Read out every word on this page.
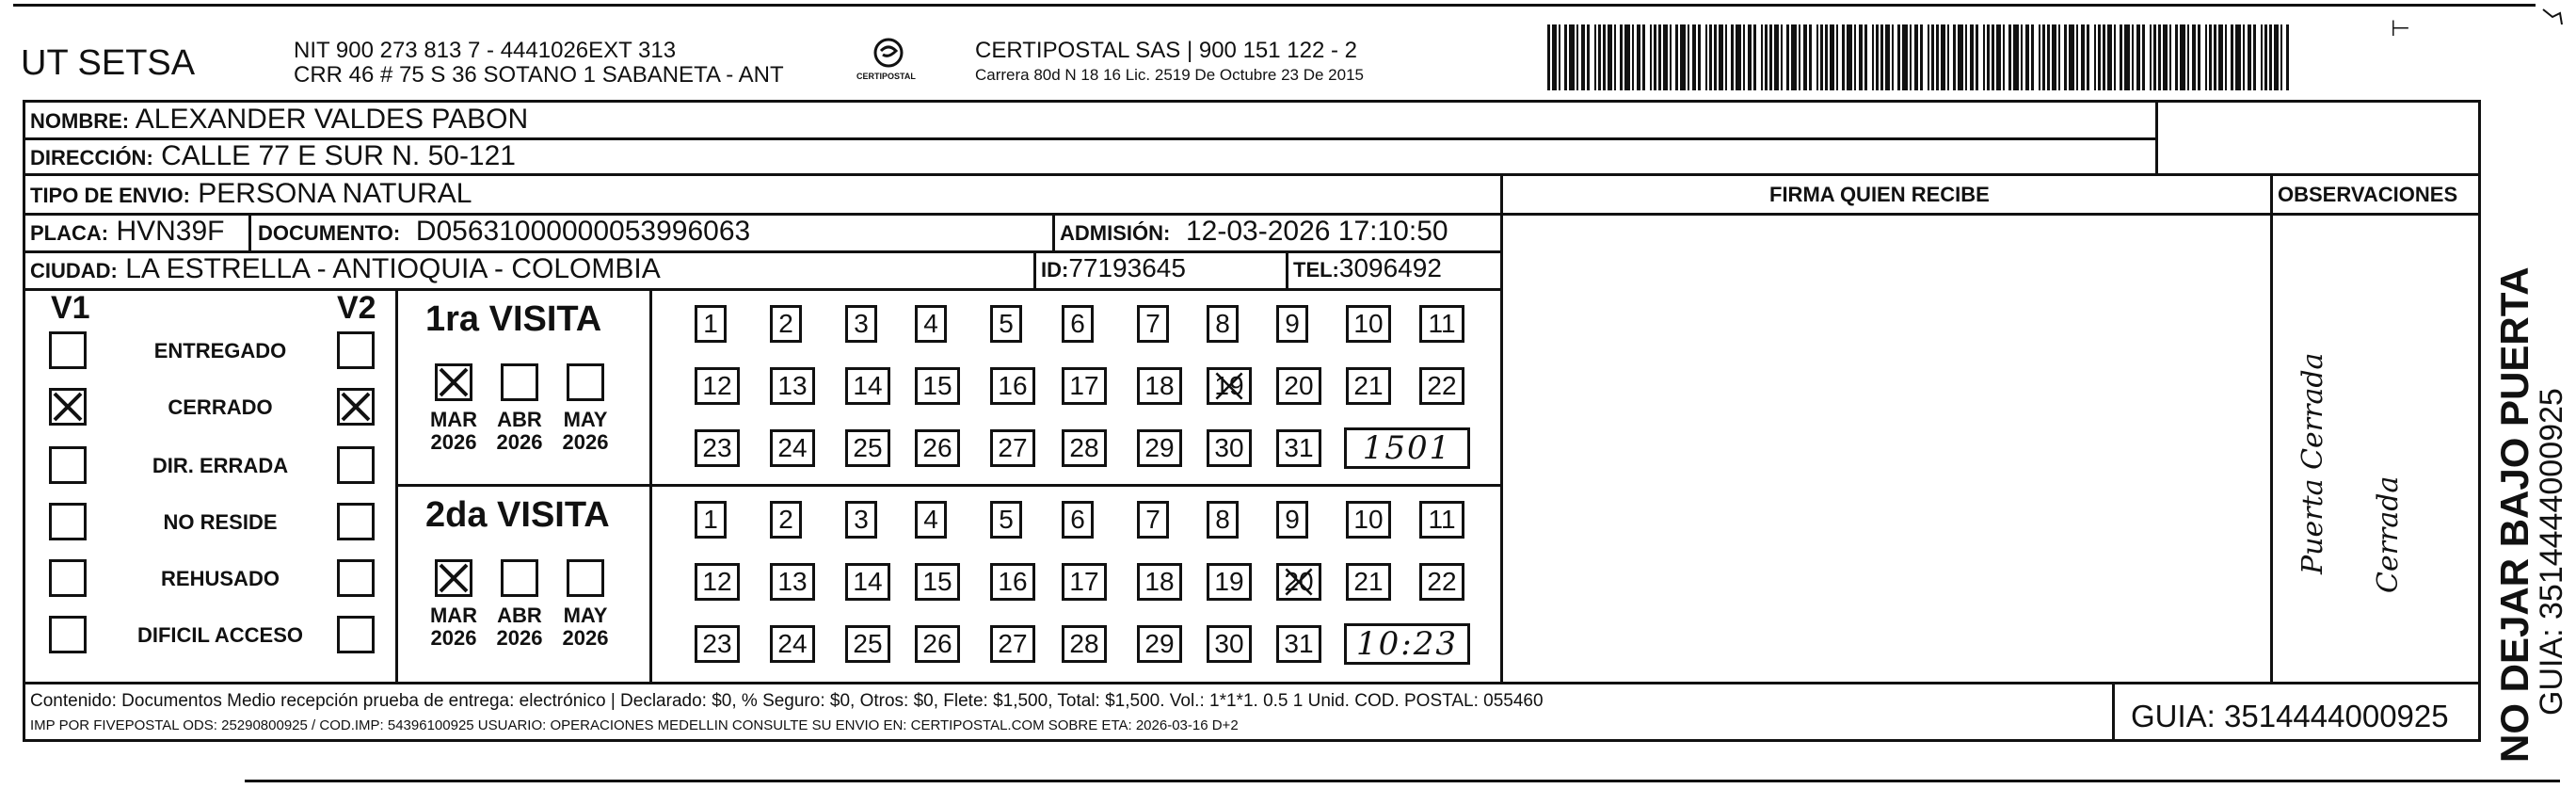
UT SETSA	NIT 900 273 813 7 - 4441026EXT 313
CRR 46 # 75 S 36 SOTANO 1 SABANETA - ANT	CERTIPOSTAL
CERTIPOSTAL SAS | 900 151 122 - 2
Carrera 80d N 18 16 Lic. 2519 De Octubre 23 De 2015
⊢
NOMBRE: ALEXANDER VALDES PABON
DIRECCIÓN: CALLE 77 E SUR N. 50-121
TIPO DE ENVIO: PERSONA NATURAL
PLACA: HVN39F DOCUMENTO: D05631000000053996063	ADMISIÓN: 12-03-2026 17:10:50
CIUDAD: LA ESTRELLA - ANTIOQUIA - COLOMBIA	ID:77193645	TEL:3096492
FIRMA QUIEN RECIBE	OBSERVACIONES
Puerta Cerrada Cerrada
V1	V2
ENTREGADO
CERRADO
DIR. ERRADA
NO RESIDE
REHUSADO
DIFICIL ACCESO
1ra VISITA
MAR
2026
ABR
2026
MAY
2026
1	2	3	4	5	6	7	8	9	10	11
12	13	14	15	16	17	18	19	20	21	22
23	24	25	26	27	28	29	30	31	1501
2da VISITA
MAR
2026
ABR
2026
MAY
2026
1	2	3	4	5	6	7	8	9	10	11
12	13	14	15	16	17	18	19	20	21	22
23	24	25	26	27	28	29	30	31	10:23
Contenido: Documentos Medio recepción prueba de entrega: electrónico | Declarado: $0, % Seguro: $0, Otros: $0, Flete: $1,500, Total: $1,500. Vol.: 1*1*1. 0.5 1 Unid. COD. POSTAL: 055460
IMP POR FIVEPOSTAL ODS: 25290800925 / COD.IMP: 54396100925 USUARIO: OPERACIONES MEDELLIN CONSULTE SU ENVIO EN: CERTIPOSTAL.COM SOBRE ETA: 2026-03-16 D+2	GUIA: 3514444000925 NO DEJAR BAJO PUERTA
GUIA: 3514444000925
